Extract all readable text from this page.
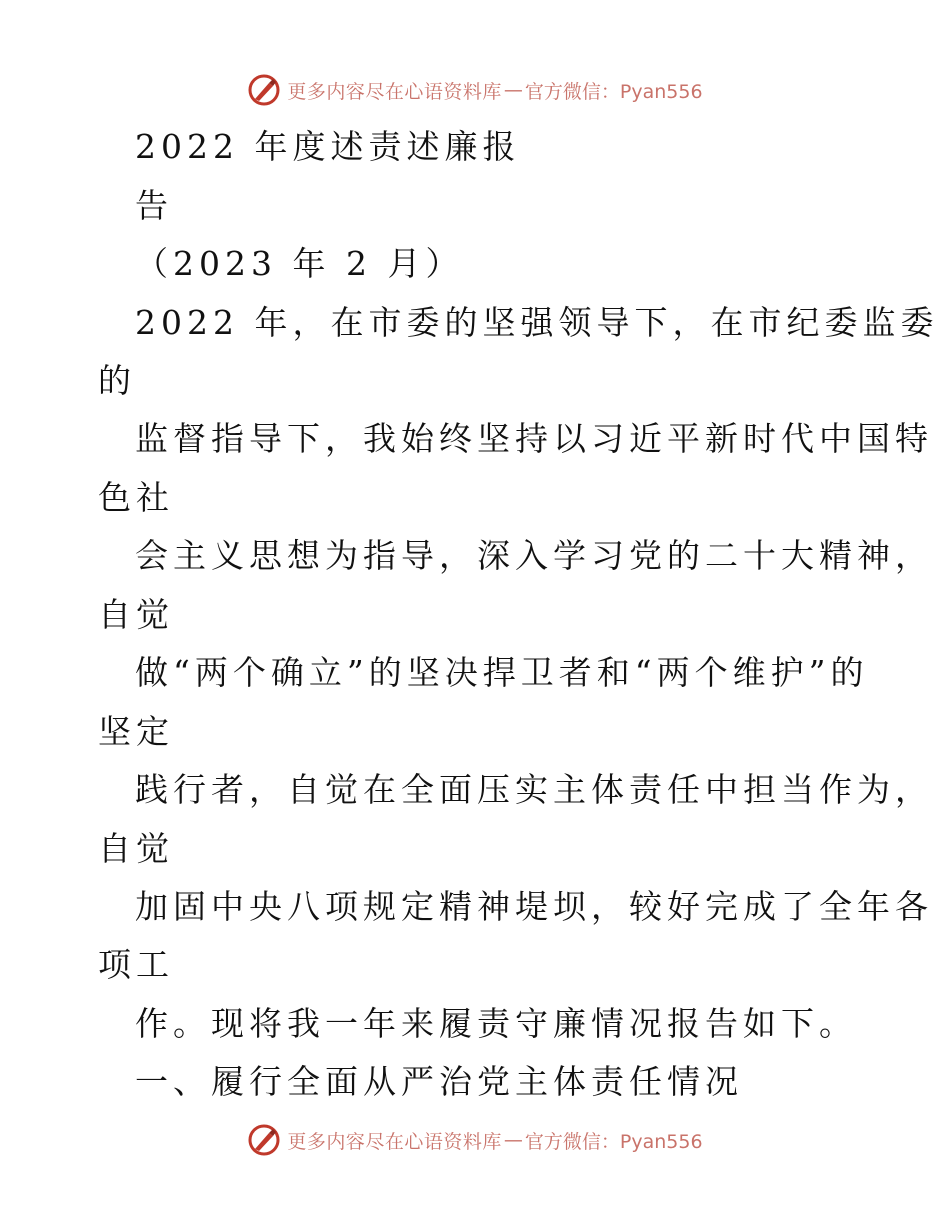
更多内容尽在心语资料库 — 官方微信：Pyan556
2022 年度述责述廉报
告
（2023 年 2 月）
2022 年，在市委的坚强领导下，在市纪委监委
的
监督指导下，我始终坚持以习近平新时代中国特
色社
会主义思想为指导，深入学习党的二十大精神，
自觉
做“两个确立”的坚决捍卫者和“两个维护”的
坚定
践行者，自觉在全面压实主体责任中担当作为，
自觉
加固中央八项规定精神堤坝，较好完成了全年各
项工
作。现将我一年来履责守廉情况报告如下。
一、履行全面从严治党主体责任情况
更多内容尽在心语资料库 — 官方微信：Pyan556
